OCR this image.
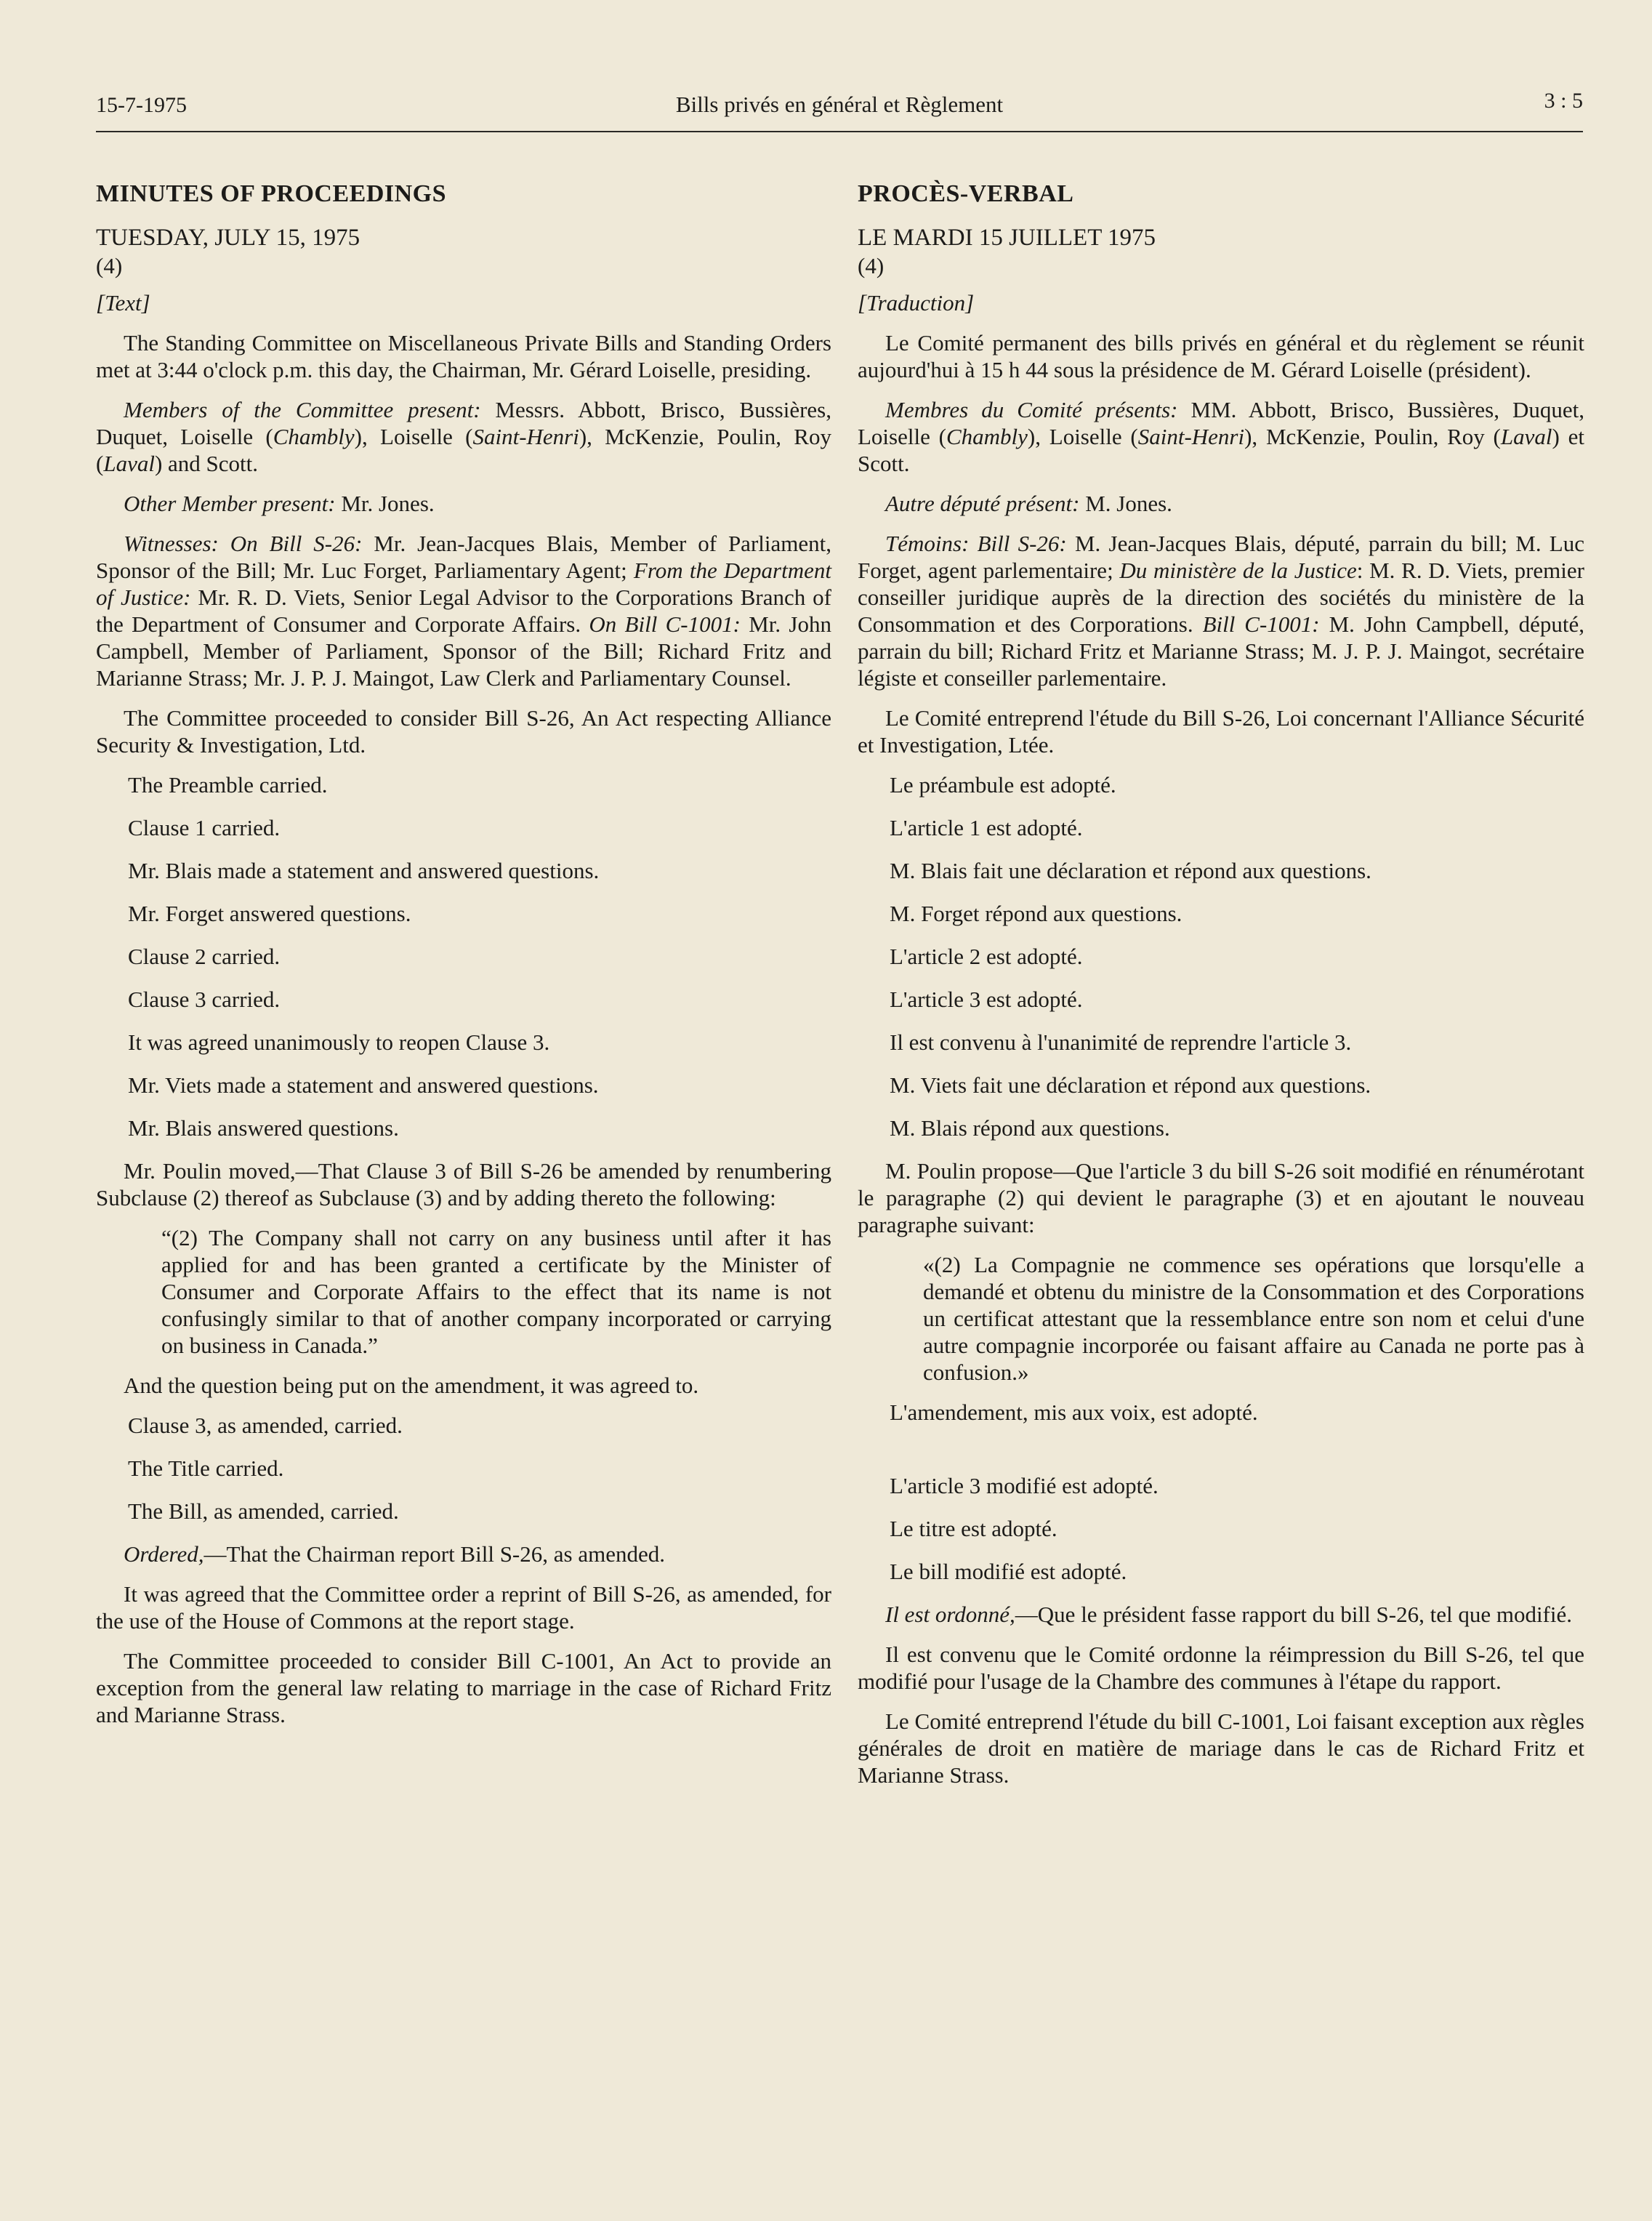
15-7-1975	Bills privés en général et Règlement	3 : 5
MINUTES OF PROCEEDINGS
TUESDAY, JULY 15, 1975
(4)
[Text]

The Standing Committee on Miscellaneous Private Bills and Standing Orders met at 3:44 o'clock p.m. this day, the Chairman, Mr. Gérard Loiselle, presiding.

Members of the Committee present: Messrs. Abbott, Brisco, Bussières, Duquet, Loiselle (Chambly), Loiselle (Saint-Henri), McKenzie, Poulin, Roy (Laval) and Scott.

Other Member present: Mr. Jones.

Witnesses: On Bill S-26: Mr. Jean-Jacques Blais, Member of Parliament, Sponsor of the Bill; Mr. Luc Forget, Parliamentary Agent; From the Department of Justice: Mr. R. D. Viets, Senior Legal Advisor to the Corporations Branch of the Department of Consumer and Corporate Affairs. On Bill C-1001: Mr. John Campbell, Member of Parliament, Sponsor of the Bill; Richard Fritz and Marianne Strass; Mr. J. P. J. Maingot, Law Clerk and Parliamentary Counsel.

The Committee proceeded to consider Bill S-26, An Act respecting Alliance Security & Investigation, Ltd.

The Preamble carried.

Clause 1 carried.

Mr. Blais made a statement and answered questions.

Mr. Forget answered questions.

Clause 2 carried.

Clause 3 carried.

It was agreed unanimously to reopen Clause 3.

Mr. Viets made a statement and answered questions.

Mr. Blais answered questions.

Mr. Poulin moved,—That Clause 3 of Bill S-26 be amended by renumbering Subclause (2) thereof as Subclause (3) and by adding thereto the following:

“(2) The Company shall not carry on any business until after it has applied for and has been granted a certificate by the Minister of Consumer and Corporate Affairs to the effect that its name is not confusingly similar to that of another company incorporated or carrying on business in Canada.”

And the question being put on the amendment, it was agreed to.

Clause 3, as amended, carried.

The Title carried.

The Bill, as amended, carried.

Ordered,—That the Chairman report Bill S-26, as amended.

It was agreed that the Committee order a reprint of Bill S-26, as amended, for the use of the House of Commons at the report stage.

The Committee proceeded to consider Bill C-1001, An Act to provide an exception from the general law relating to marriage in the case of Richard Fritz and Marianne Strass.

PROCÈS-VERBAL
LE MARDI 15 JUILLET 1975
(4)
[Traduction]

Le Comité permanent des bills privés en général et du règlement se réunit aujourd'hui à 15 h 44 sous la présidence de M. Gérard Loiselle (président).

Membres du Comité présents: MM. Abbott, Brisco, Bussières, Duquet, Loiselle (Chambly), Loiselle (Saint-Henri), McKenzie, Poulin, Roy (Laval) et Scott.

Autre député présent: M. Jones.

Témoins: Bill S-26: M. Jean-Jacques Blais, député, parrain du bill; M. Luc Forget, agent parlementaire; Du ministère de la Justice: M. R. D. Viets, premier conseiller juridique auprès de la direction des sociétés du ministère de la Consommation et des Corporations. Bill C-1001: M. John Campbell, député, parrain du bill; Richard Fritz et Marianne Strass; M. J. P. J. Maingot, secrétaire légiste et conseiller parlementaire.

Le Comité entreprend l'étude du Bill S-26, Loi concernant l'Alliance Sécurité et Investigation, Ltée.

Le préambule est adopté.

L'article 1 est adopté.

M. Blais fait une déclaration et répond aux questions.

M. Forget répond aux questions.

L'article 2 est adopté.

L'article 3 est adopté.

Il est convenu à l'unanimité de reprendre l'article 3.

M. Viets fait une déclaration et répond aux questions.

M. Blais répond aux questions.

M. Poulin propose—Que l'article 3 du bill S-26 soit modifié en rénumérotant le paragraphe (2) qui devient le paragraphe (3) et en ajoutant le nouveau paragraphe suivant:

«(2) La Compagnie ne commence ses opérations que lorsqu'elle a demandé et obtenu du ministre de la Consommation et des Corporations un certificat attestant que la ressemblance entre son nom et celui d'une autre compagnie incorporée ou faisant affaire au Canada ne porte pas à confusion.»

L'amendement, mis aux voix, est adopté.

L'article 3 modifié est adopté.

Le titre est adopté.

Le bill modifié est adopté.

Il est ordonné,—Que le président fasse rapport du bill S-26, tel que modifié.

Il est convenu que le Comité ordonne la réimpression du Bill S-26, tel que modifié pour l'usage de la Chambre des communes à l'étape du rapport.

Le Comité entreprend l'étude du bill C-1001, Loi faisant exception aux règles générales de droit en matière de mariage dans le cas de Richard Fritz et Marianne Strass.
